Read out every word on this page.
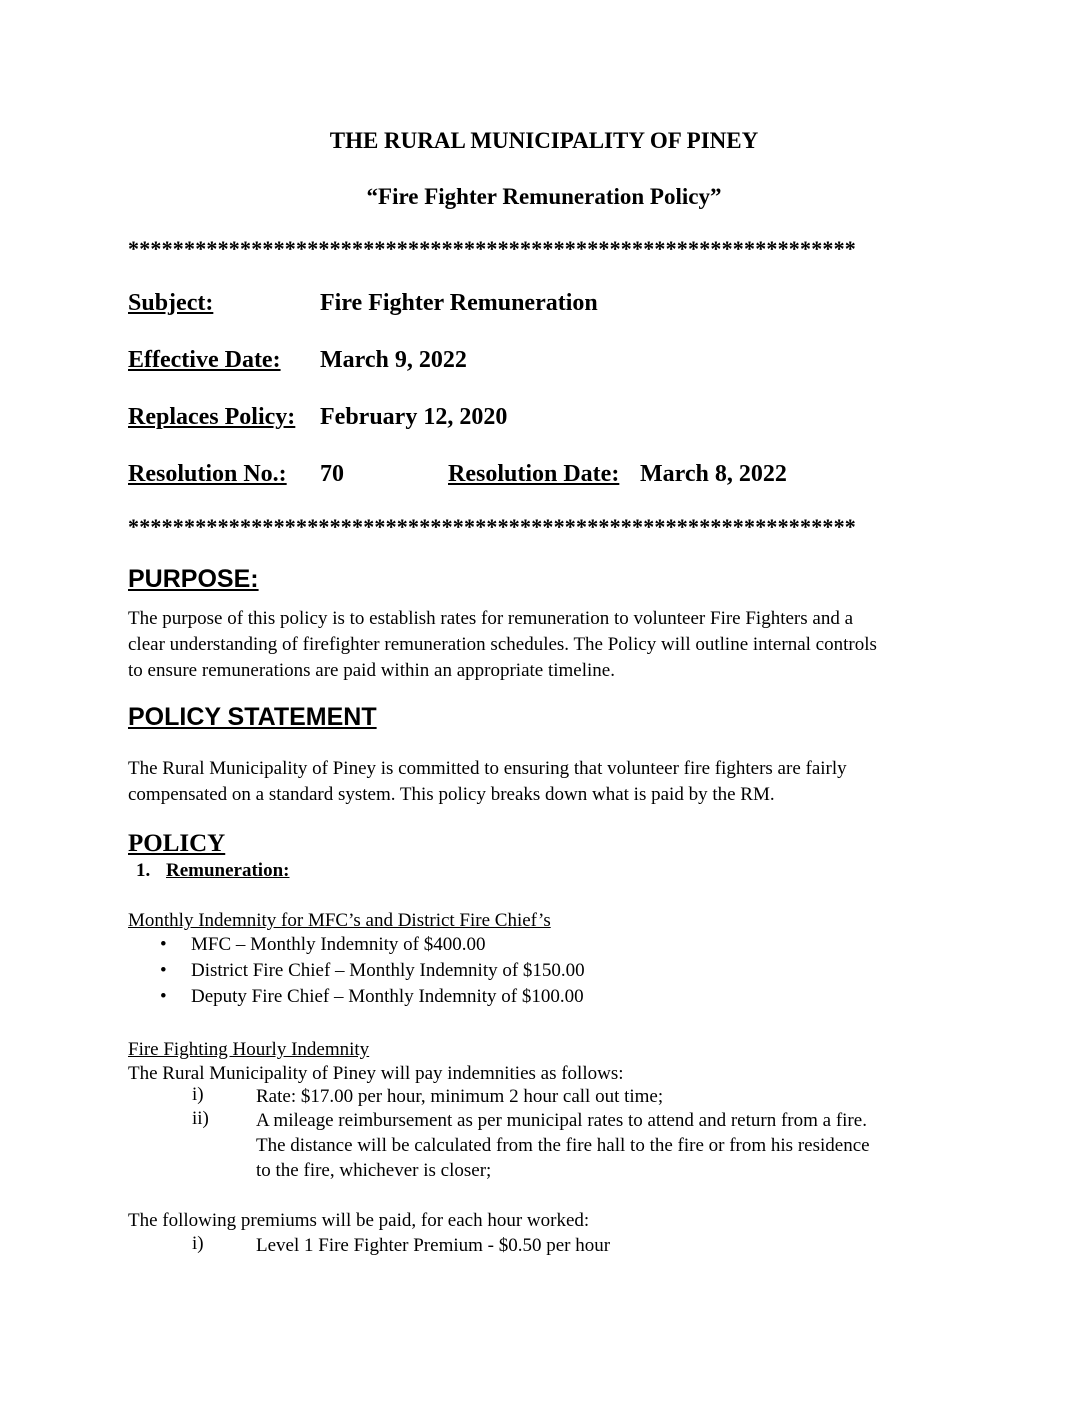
THE RURAL MUNICIPALITY OF PINEY
“Fire Fighter Remuneration Policy”
*****************************************************************
Subject:	Fire Fighter Remuneration
Effective Date: March 9, 2022
Replaces Policy: February 12, 2020
Resolution No.: 70	Resolution Date: March 8, 2022
*****************************************************************
PURPOSE:
The purpose of this policy is to establish rates for remuneration to volunteer Fire Fighters and a
clear understanding of firefighter remuneration schedules. The Policy will outline internal controls
to ensure remunerations are paid within an appropriate timeline.
POLICY STATEMENT
The Rural Municipality of Piney is committed to ensuring that volunteer fire fighters are fairly
compensated on a standard system. This policy breaks down what is paid by the RM.
POLICY
1. Remuneration:
Monthly Indemnity for MFC’s and District Fire Chief’s
• MFC – Monthly Indemnity of $400.00
• District Fire Chief – Monthly Indemnity of $150.00
• Deputy Fire Chief – Monthly Indemnity of $100.00
Fire Fighting Hourly Indemnity
The Rural Municipality of Piney will pay indemnities as follows:
i)	Rate: $17.00 per hour, minimum 2 hour call out time;
ii) A mileage reimbursement as per municipal rates to attend and return from a fire.
The distance will be calculated from the fire hall to the fire or from his residence
to the fire, whichever is closer;
The following premiums will be paid, for each hour worked:
i)	Level 1 Fire Fighter Premium - $0.50 per hour
